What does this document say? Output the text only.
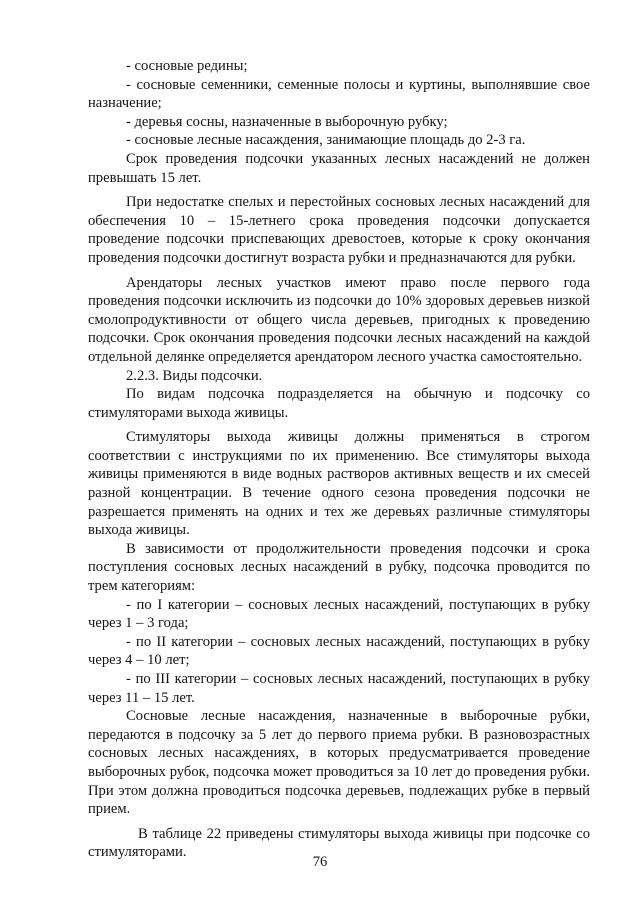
- сосновые редины;

- сосновые семенники, семенные полосы и куртины, выполнявшие свое назначение;

- деревья сосны, назначенные в выборочную рубку;

- сосновые лесные насаждения, занимающие площадь до 2-3 га.

Срок проведения подсочки указанных лесных насаждений не должен превышать 15 лет.

При недостатке спелых и перестойных сосновых лесных насаждений для обеспечения 10 – 15-летнего срока проведения подсочки допускается проведение подсочки приспевающих древостоев, которые к сроку окончания проведения подсочки достигнут возраста рубки и предназначаются для рубки.

Арендаторы лесных участков имеют право после первого года проведения подсочки исключить из подсочки до 10% здоровых деревьев низкой смолопродуктивности от общего числа деревьев, пригодных к проведению подсочки. Срок окончания проведения подсочки лесных насаждений на каждой отдельной делянке определяется арендатором лесного участка самостоятельно.

2.2.3. Виды подсочки.

По видам подсочка подразделяется на обычную и подсочку со стимуляторами выхода живицы.

Стимуляторы выхода живицы должны применяться в строгом соответствии с инструкциями по их применению. Все стимуляторы выхода живицы применяются в виде водных растворов активных веществ и их смесей разной концентрации. В течение одного сезона проведения подсочки не разрешается применять на одних и тех же деревьях различные стимуляторы выхода живицы.

В зависимости от продолжительности проведения подсочки и срока поступления сосновых лесных насаждений в рубку, подсочка проводится по трем категориям:

- по I категории – сосновых лесных насаждений, поступающих в рубку через 1 – 3 года;

- по II категории – сосновых лесных насаждений, поступающих в рубку через 4 – 10 лет;

- по III категории – сосновых лесных насаждений, поступающих в рубку через 11 – 15 лет.

Сосновые лесные насаждения, назначенные в выборочные рубки, передаются в подсочку за 5 лет до первого приема рубки. В разновозрастных сосновых лесных насаждениях, в которых предусматривается проведение выборочных рубок, подсочка может проводиться за 10 лет до проведения рубки. При этом должна проводиться подсочка деревьев, подлежащих рубке в первый прием.

В таблице 22 приведены стимуляторы выхода живицы при подсочке со стимуляторами.

76
